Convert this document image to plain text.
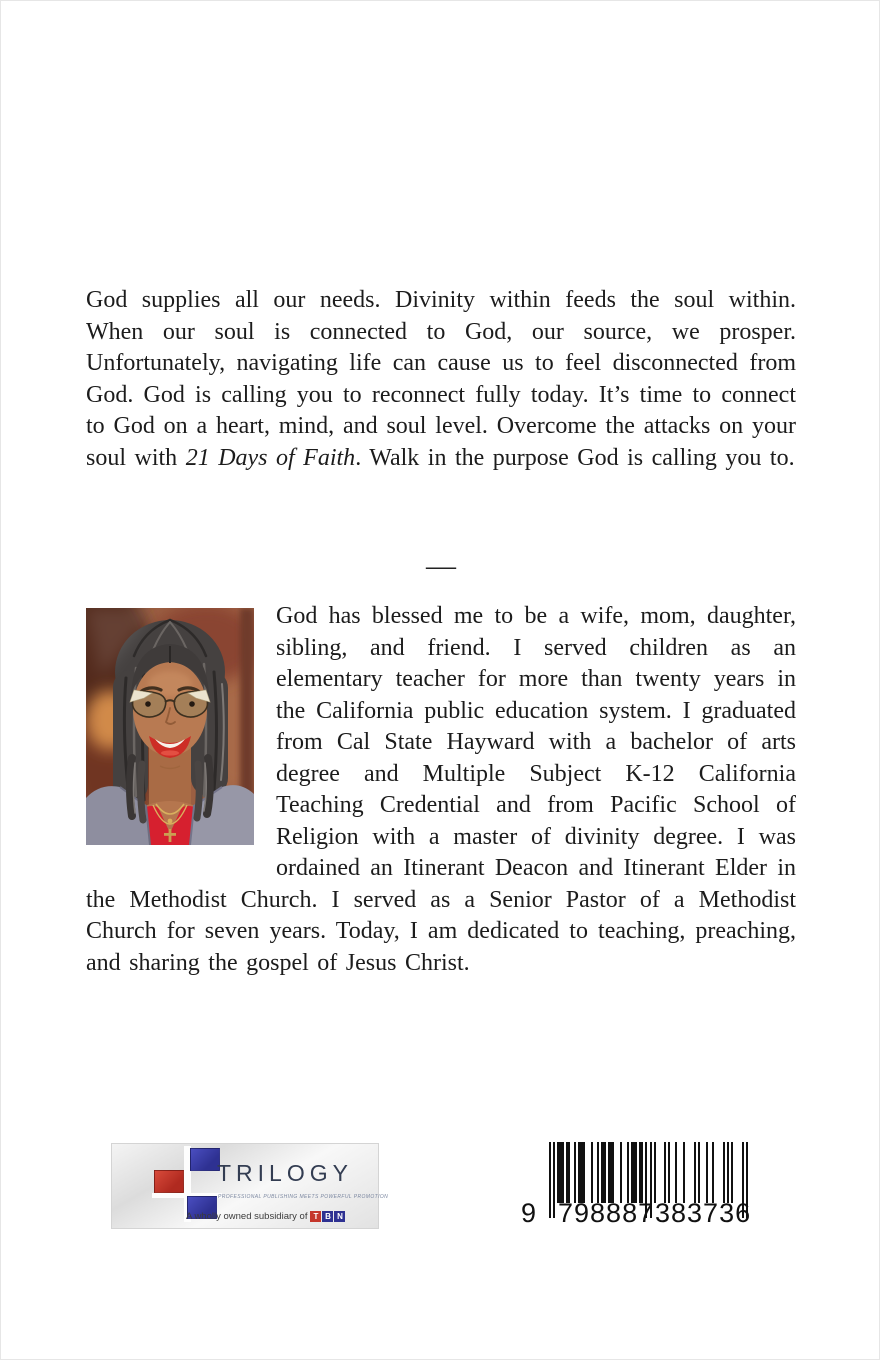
God supplies all our needs. Divinity within feeds the soul within. When our soul is connected to God, our source, we prosper. Unfortunately, navigating life can cause us to feel disconnected from God. God is calling you to reconnect fully today. It’s time to connect to God on a heart, mind, and soul level. Overcome the attacks on your soul with 21 Days of Faith. Walk in the purpose God is calling you to.

—
God has blessed me to be a wife, mom, daughter, sibling, and friend. I served children as an elementary teacher for more than twenty years in the California public education system. I graduated from Cal State Hayward with a bachelor of arts degree and Multiple Subject K-12 California Teaching Credential and from Pacific School of Religion with a master of divinity degree. I was ordained an Itinerant Deacon and Itinerant Elder in the Methodist Church. I served as a Senior Pastor of a Methodist Church for seven years. Today, I am dedicated to teaching, preaching, and sharing the gospel of Jesus Christ.
TRILOGY
PROFESSIONAL PUBLISHING MEETS POWERFUL PROMOTION
A wholly owned subsidiary of T B N	9 798887 383736
